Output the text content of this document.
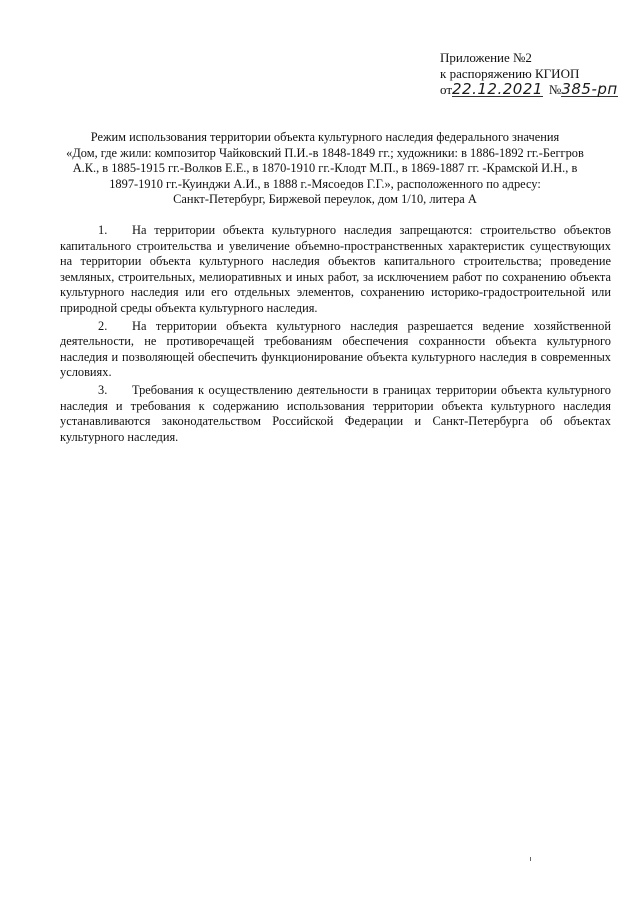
Приложение №2
к распоряжению КГИОП
от22.12.2021 №385-рп
Режим использования территории объекта культурного наследия федерального значения
«Дом, где жили: композитор Чайковский П.И.-в 1848-1849 гг.; художники: в 1886-1892 гг.-Беггров
А.К., в 1885-1915 гг.-Волков Е.Е., в 1870-1910 гг.-Клодт М.П., в 1869-1887 гг. -Крамской И.Н., в
1897-1910 гг.-Куинджи А.И., в 1888 г.-Мясоедов Г.Г.», расположенного по адресу:
Санкт-Петербург, Биржевой переулок, дом 1/10, литера А

1. На территории объекта культурного наследия запрещаются: строительство объектов капитального строительства и увеличение объемно-пространственных характеристик существующих на территории объекта культурного наследия объектов капитального строительства; проведение земляных, строительных, мелиоративных и иных работ, за исключением работ по сохранению объекта культурного наследия или его отдельных элементов, сохранению историко-градостроительной или природной среды объекта культурного наследия.

2. На территории объекта культурного наследия разрешается ведение хозяйственной деятельности, не противоречащей требованиям обеспечения сохранности объекта культурного наследия и позволяющей обеспечить функционирование объекта культурного наследия в современных условиях.

3. Требования к осуществлению деятельности в границах территории объекта культурного наследия и требования к содержанию использования территории объекта культурного наследия устанавливаются законодательством Российской Федерации и Санкт-Петербурга об объектах культурного наследия.
